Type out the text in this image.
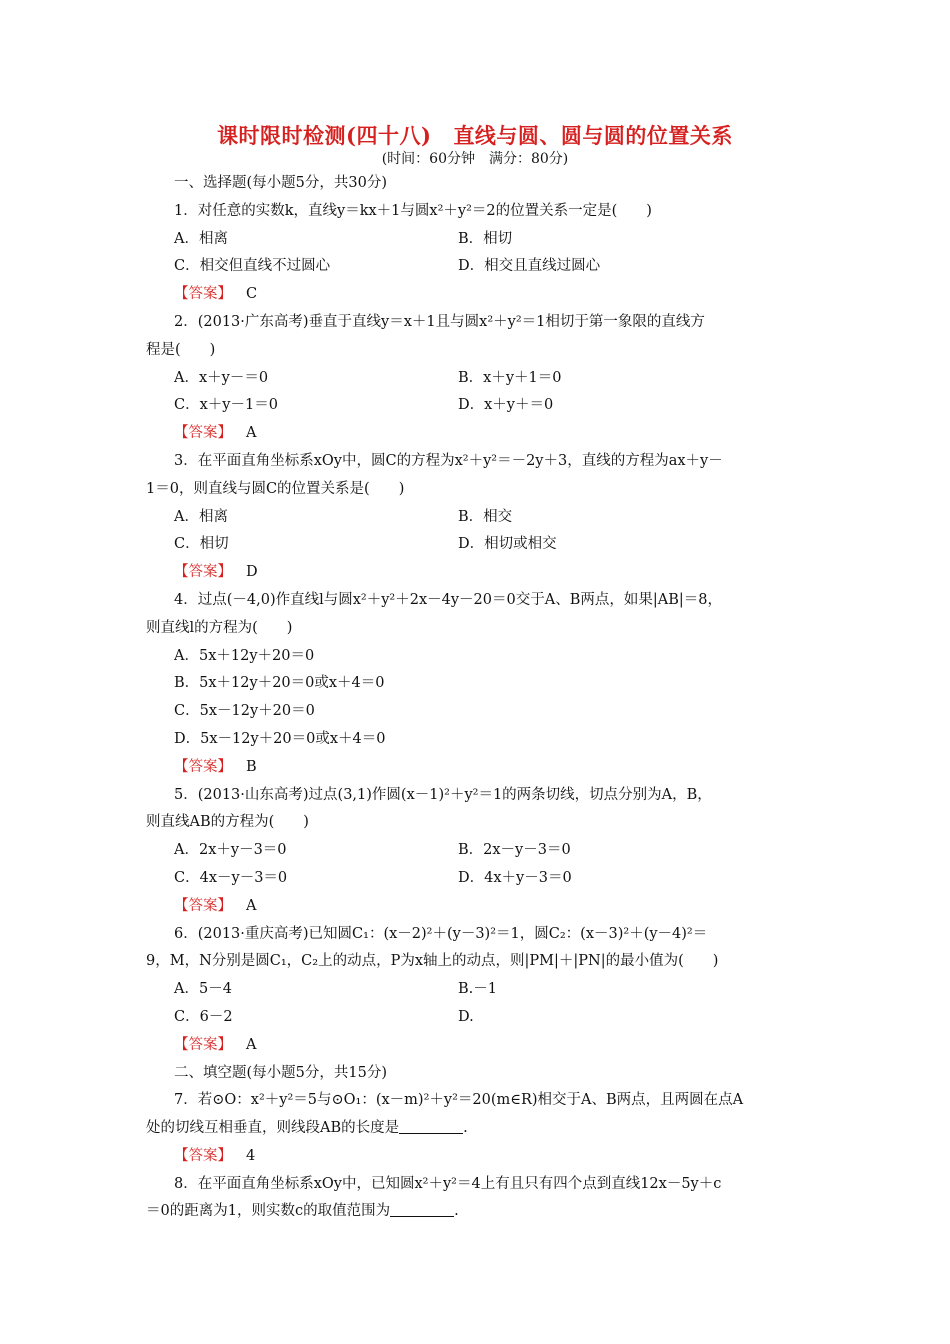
课时限时检测(四十八) 直线与圆、圆与圆的位置关系
(时间：60分钟　满分：80分)
一、选择题(每小题5分，共30分)
1．对任意的实数k，直线y＝kx＋1与圆x²＋y²＝2的位置关系一定是(　　)
A．相离	B．相切
C．相交但直线不过圆心	D．相交且直线过圆心
【答案】 C
2．(2013·广东高考)垂直于直线y＝x＋1且与圆x²＋y²＝1相切于第一象限的直线方
程是(　　)
A．x＋y－＝0	B．x＋y＋1＝0
C．x＋y－1＝0	D．x＋y＋＝0
【答案】 A
3．在平面直角坐标系xOy中，圆C的方程为x²＋y²＝－2y＋3，直线的方程为ax＋y－
1＝0，则直线与圆C的位置关系是(　　)
A．相离	B．相交
C．相切	D．相切或相交
【答案】 D
4．过点(－4,0)作直线l与圆x²＋y²＋2x－4y－20＝0交于A、B两点，如果|AB|＝8，
则直线l的方程为(　　)
A．5x＋12y＋20＝0
B．5x＋12y＋20＝0或x＋4＝0
C．5x－12y＋20＝0
D．5x－12y＋20＝0或x＋4＝0
【答案】 B
5．(2013·山东高考)过点(3,1)作圆(x－1)²＋y²＝1的两条切线，切点分别为A，B，
则直线AB的方程为(　　)
A．2x＋y－3＝0	B．2x－y－3＝0
C．4x－y－3＝0	D．4x＋y－3＝0
【答案】 A
6．(2013·重庆高考)已知圆C₁：(x－2)²＋(y－3)²＝1，圆C₂：(x－3)²＋(y－4)²＝
9，M，N分别是圆C₁，C₂上的动点，P为x轴上的动点，则|PM|＋|PN|的最小值为(　　)
A．5－4	B.－1
C．6－2	D.
【答案】 A
二、填空题(每小题5分，共15分)
7．若⊙O：x²＋y²＝5与⊙O₁：(x－m)²＋y²＝20(m∈R)相交于A、B两点，且两圆在点A
处的切线互相垂直，则线段AB的长度是	.
【答案】 4
8．在平面直角坐标系xOy中，已知圆x²＋y²＝4上有且只有四个点到直线12x－5y＋c
＝0的距离为1，则实数c的取值范围为	.
